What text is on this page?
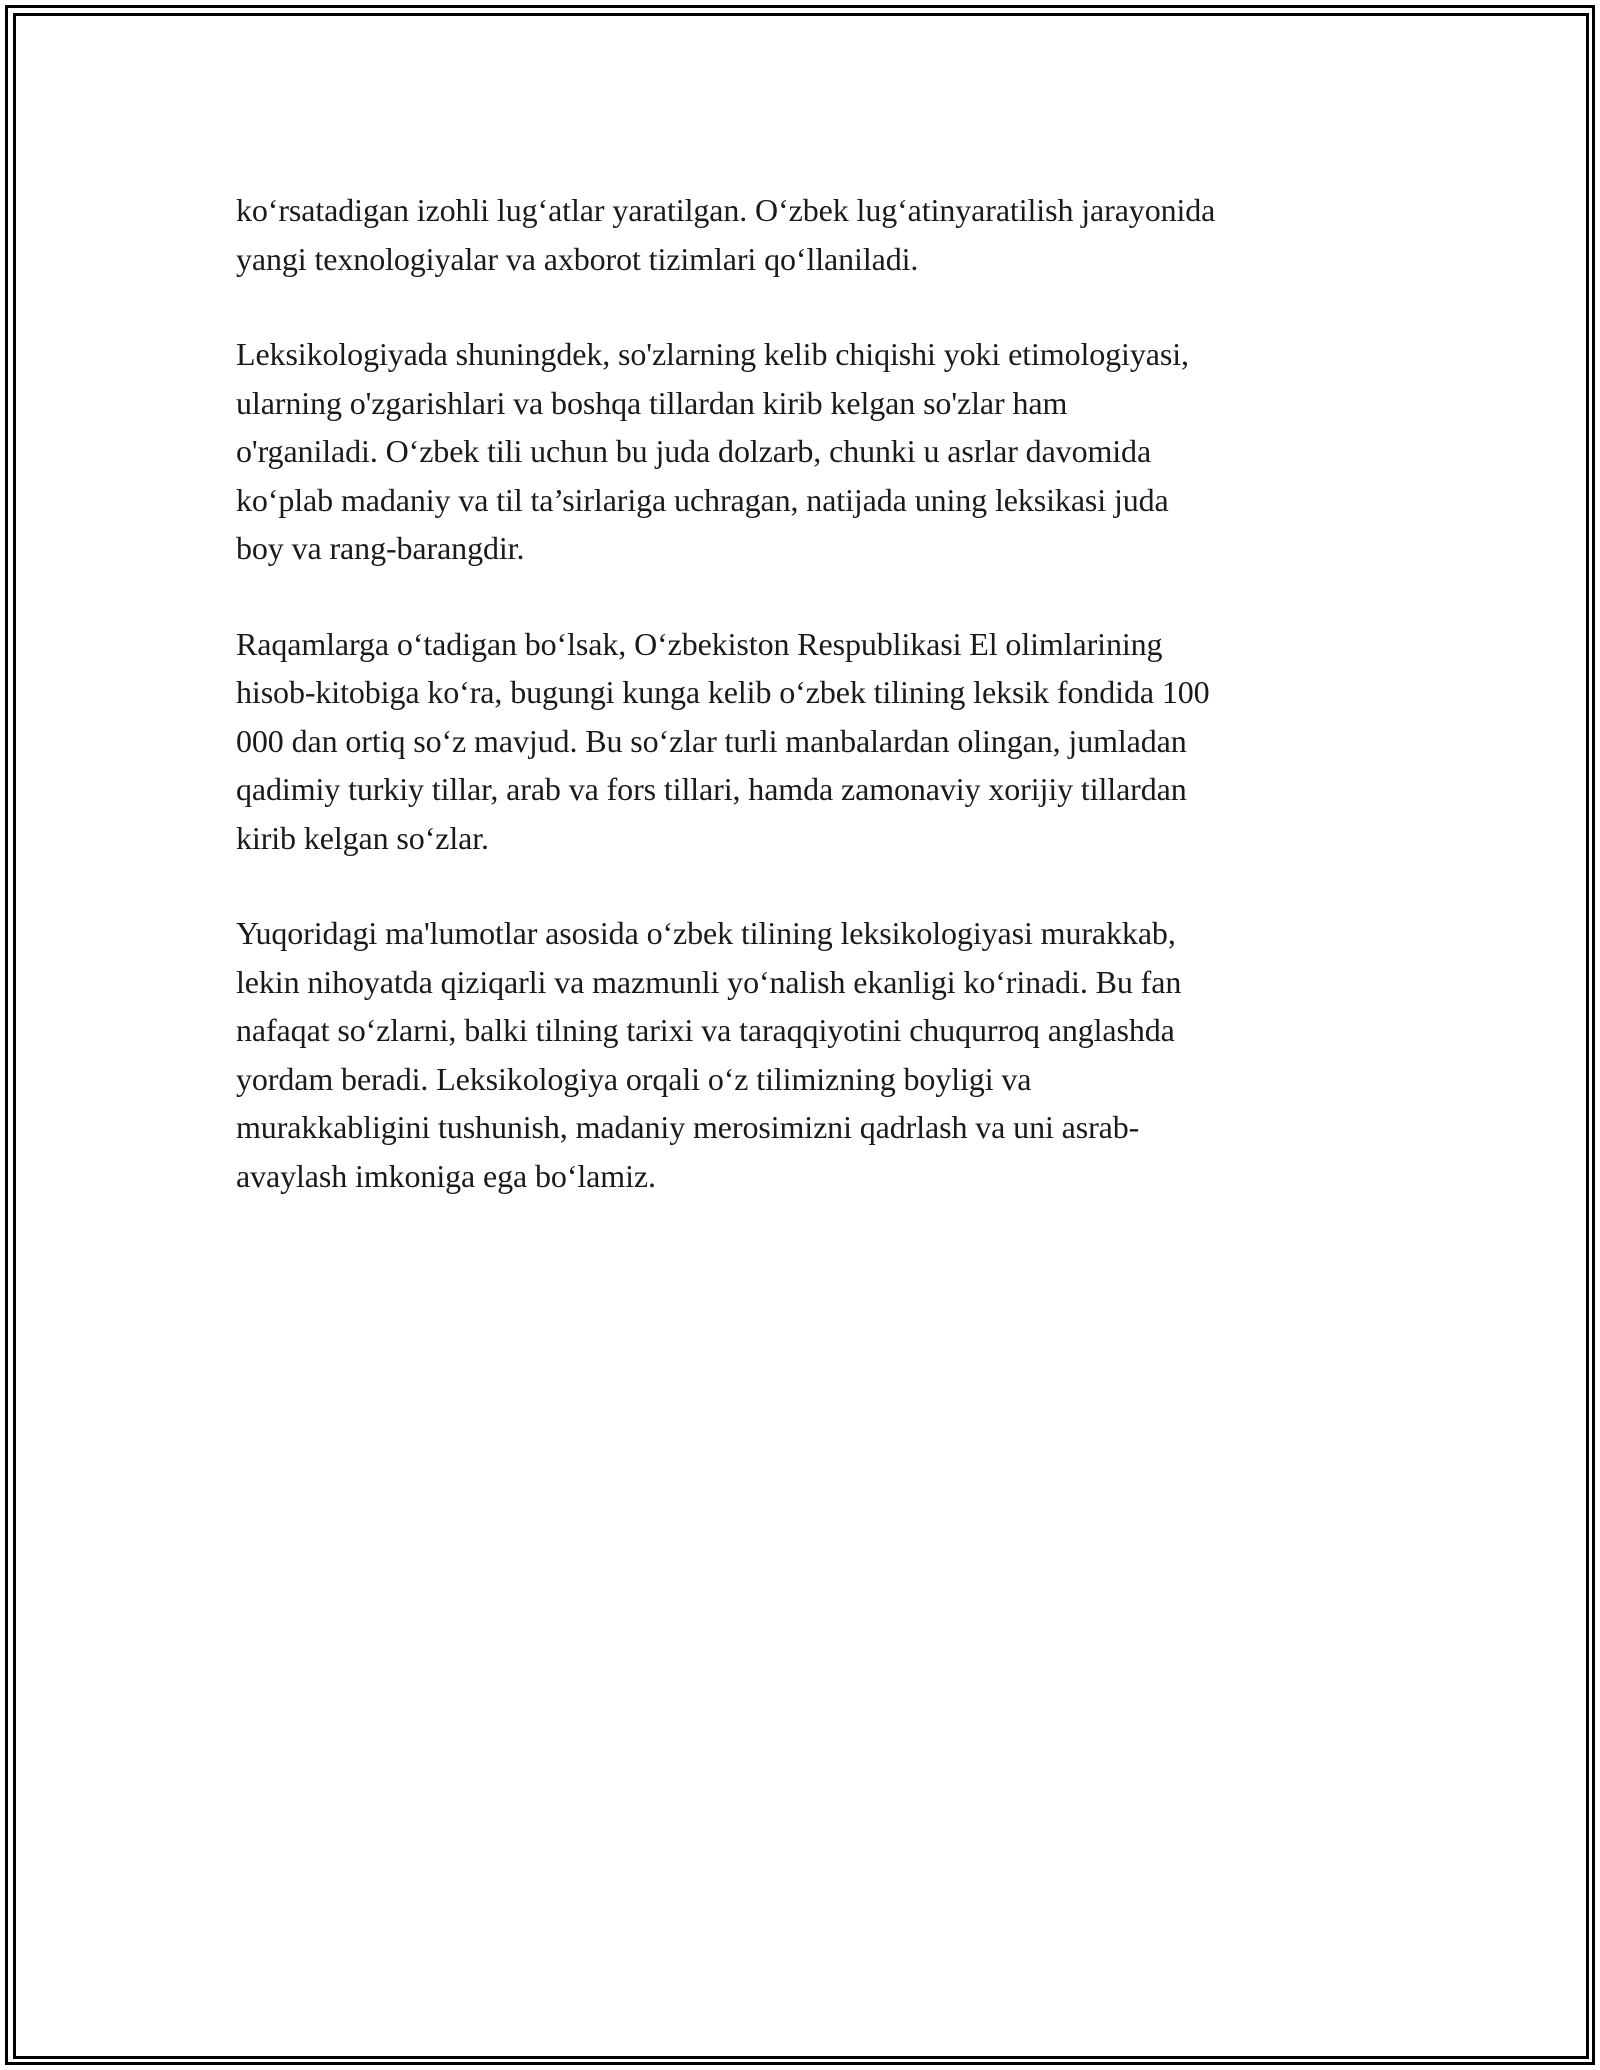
ko‘rsatadigan izohli lug‘atlar yaratilgan. O‘zbek lug‘atinyaratilish jarayonida
yangi texnologiyalar va axborot tizimlari qo‘llaniladi.

Leksikologiyada shuningdek, so'zlarning kelib chiqishi yoki etimologiyasi,
ularning o'zgarishlari va boshqa tillardan kirib kelgan so'zlar ham
o'rganiladi. O‘zbek tili uchun bu juda dolzarb, chunki u asrlar davomida
ko‘plab madaniy va til ta’sirlariga uchragan, natijada uning leksikasi juda
boy va rang-barangdir.

Raqamlarga o‘tadigan bo‘lsak, O‘zbekiston Respublikasi El olimlarining
hisob-kitobiga ko‘ra, bugungi kunga kelib o‘zbek tilining leksik fondida 100
000 dan ortiq so‘z mavjud. Bu so‘zlar turli manbalardan olingan, jumladan
qadimiy turkiy tillar, arab va fors tillari, hamda zamonaviy xorijiy tillardan
kirib kelgan so‘zlar.

Yuqoridagi ma'lumotlar asosida o‘zbek tilining leksikologiyasi murakkab,
lekin nihoyatda qiziqarli va mazmunli yo‘nalish ekanligi ko‘rinadi. Bu fan
nafaqat so‘zlarni, balki tilning tarixi va taraqqiyotini chuqurroq anglashda
yordam beradi. Leksikologiya orqali o‘z tilimizning boyligi va
murakkabligini tushunish, madaniy merosimizni qadrlash va uni asrab-
avaylash imkoniga ega bo‘lamiz.
